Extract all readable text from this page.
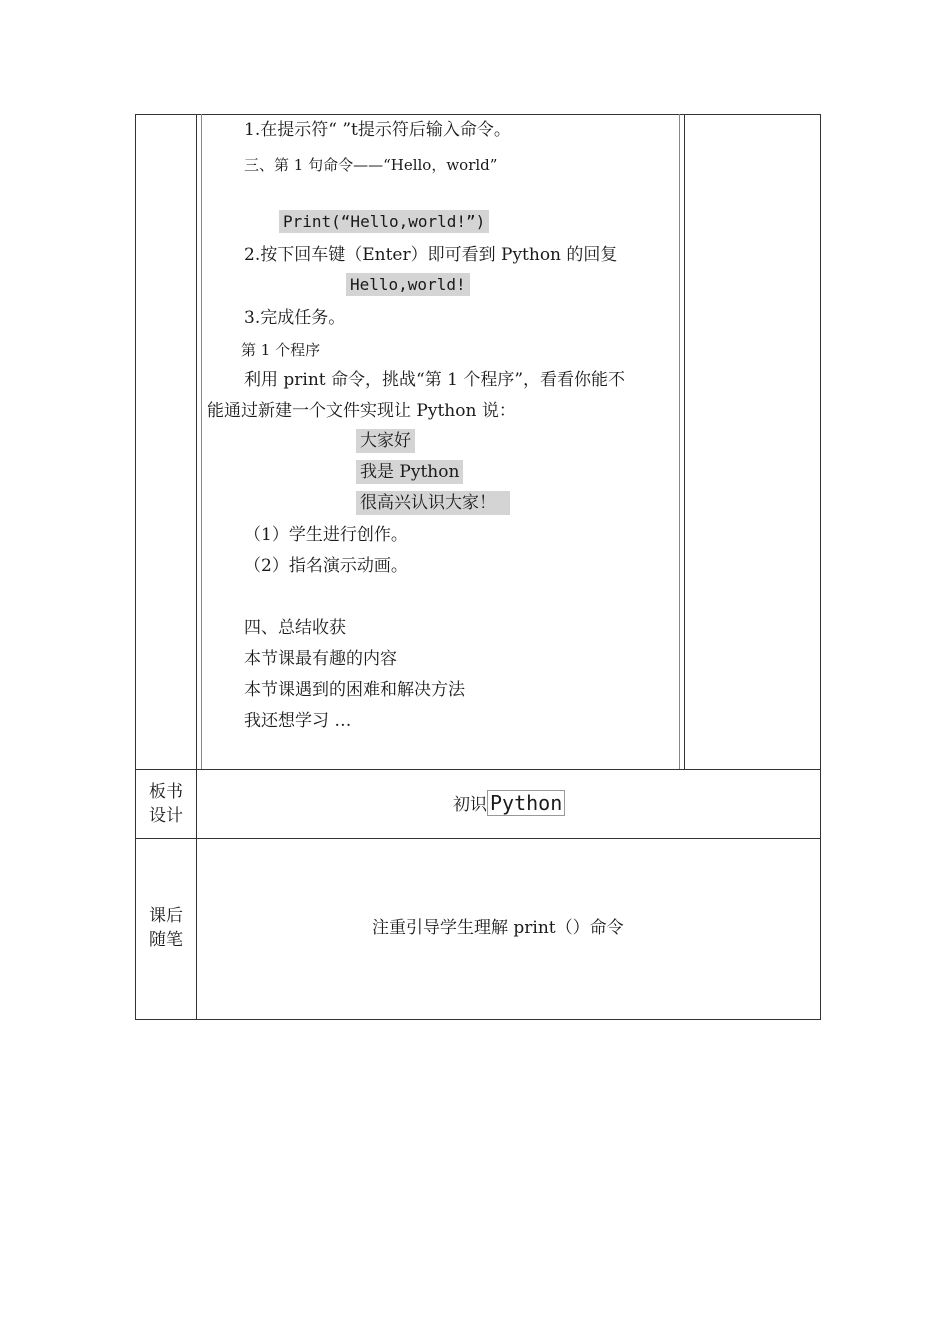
1.在提示符“ ”t提示符后输入命令。
三、第 1 句命令——“Hello，world”
Print(“Hello,world!”)
2.按下回车键（Enter）即可看到 Python 的回复
Hello,world!
3.完成任务。
第 1 个程序
利用 print 命令，挑战“第 1 个程序”，看看你能不
能通过新建一个文件实现让 Python 说：
大家好
我是 Python
很高兴认识大家！
（1）学生进行创作。
（2）指名演示动画。
四、总结收获
本节课最有趣的内容
本节课遇到的困难和解决方法
我还想学习 …
板书
设计
初识 Python
课后
随笔
注重引导学生理解 print（）命令
